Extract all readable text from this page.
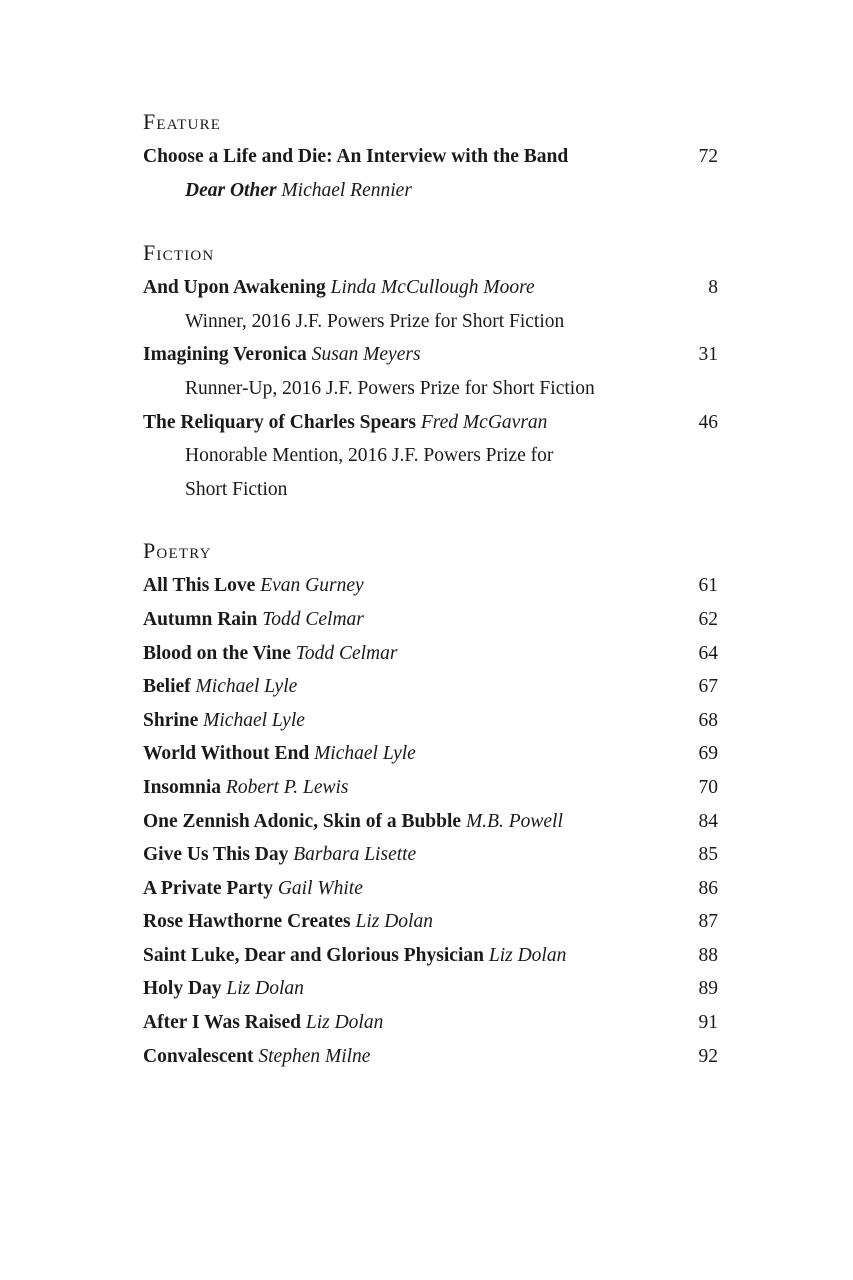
Feature
Choose a Life and Die: An Interview with the Band	72
Dear Other Michael Rennier
Fiction
And Upon Awakening Linda McCullough Moore	8
Winner, 2016 J.F. Powers Prize for Short Fiction
Imagining Veronica Susan Meyers	31
Runner-Up, 2016 J.F. Powers Prize for Short Fiction
The Reliquary of Charles Spears Fred McGavran	46
Honorable Mention, 2016 J.F. Powers Prize for
Short Fiction
Poetry
All This Love Evan Gurney	61
Autumn Rain Todd Celmar	62
Blood on the Vine Todd Celmar	64
Belief Michael Lyle	67
Shrine Michael Lyle	68
World Without End Michael Lyle	69
Insomnia Robert P. Lewis	70
One Zennish Adonic, Skin of a Bubble M.B. Powell	84
Give Us This Day Barbara Lisette	85
A Private Party Gail White	86
Rose Hawthorne Creates Liz Dolan	87
Saint Luke, Dear and Glorious Physician Liz Dolan	88
Holy Day Liz Dolan	89
After I Was Raised Liz Dolan	91
Convalescent Stephen Milne	92
